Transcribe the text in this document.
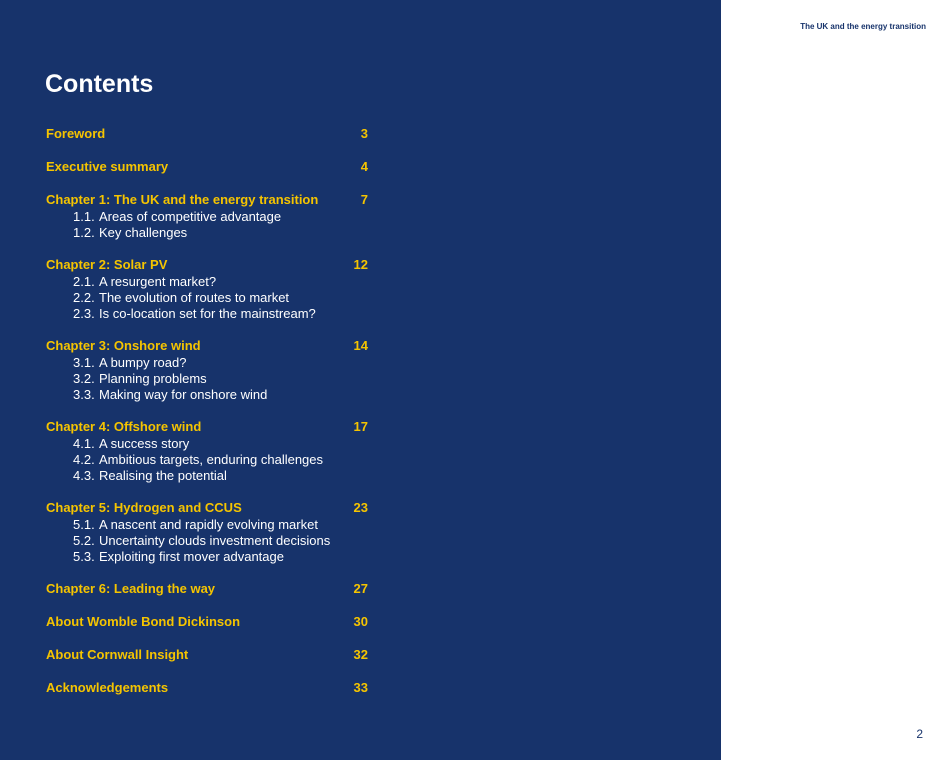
Contents
Foreword	3
Executive summary	4
Chapter 1: The UK and the energy transition	7
1.1. Areas of competitive advantage
1.2. Key challenges
Chapter 2: Solar PV	12
2.1. A resurgent market?
2.2. The evolution of routes to market
2.3. Is co-location set for the mainstream?
Chapter 3: Onshore wind	14
3.1. A bumpy road?
3.2. Planning problems
3.3. Making way for onshore wind
Chapter 4: Offshore wind	17
4.1. A success story
4.2. Ambitious targets, enduring challenges
4.3. Realising the potential
Chapter 5: Hydrogen and CCUS	23
5.1. A nascent and rapidly evolving market
5.2. Uncertainty clouds investment decisions
5.3. Exploiting first mover advantage
Chapter 6: Leading the way	27
About Womble Bond Dickinson	30
About Cornwall Insight	32
Acknowledgements	33
The UK and the energy transition
2
